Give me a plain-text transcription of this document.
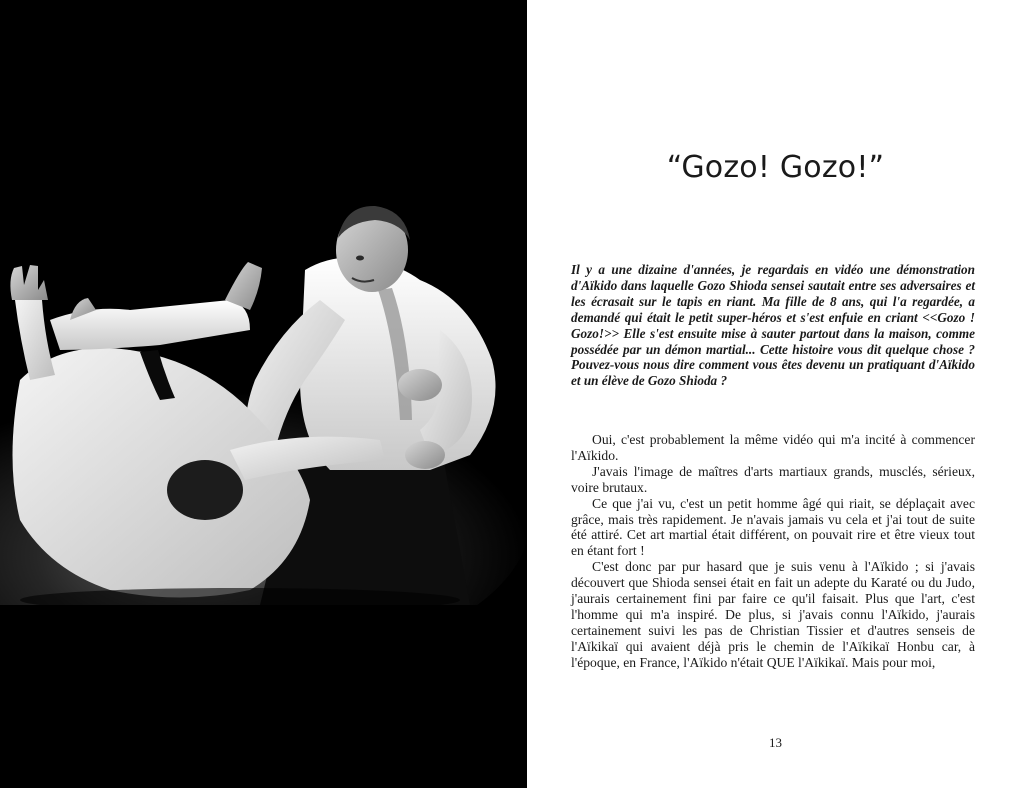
“Gozo! Gozo!”

Il y a une dizaine d'années, je regardais en vidéo une démonstration d'Aïkido dans laquelle Gozo Shioda sensei sautait entre ses adversaires et les écrasait sur le tapis en riant. Ma fille de 8 ans, qui l'a regardée, a demandé qui était le petit super-héros et s'est enfuie en criant <<Gozo ! Gozo!>> Elle s'est ensuite mise à sauter partout dans la maison, comme possédée par un démon martial... Cette histoire vous dit quelque chose ? Pouvez-vous nous dire comment vous êtes devenu un pratiquant d'Aïkido et un élève de Gozo Shioda ?

Oui, c'est probablement la même vidéo qui m'a incité à commencer l'Aïkido.

J'avais l'image de maîtres d'arts martiaux grands, musclés, sérieux, voire brutaux.

Ce que j'ai vu, c'est un petit homme âgé qui riait, se déplaçait avec grâce, mais très rapidement. Je n'avais jamais vu cela et j'ai tout de suite été attiré. Cet art martial était différent, on pouvait rire et être vieux tout en étant fort !

C'est donc par pur hasard que je suis venu à l'Aïkido ; si j'avais découvert que Shioda sensei était en fait un adepte du Karaté ou du Judo, j'aurais certainement fini par faire ce qu'il faisait. Plus que l'art, c'est l'homme qui m'a inspiré. De plus, si j'avais connu l'Aïkido, j'aurais certainement suivi les pas de Christian Tissier et d'autres senseis de l'Aïkikaï qui avaient déjà pris le chemin de l'Aïkikaï Honbu car, à l'époque, en France, l'Aïkido n'était QUE l'Aïkikaï. Mais pour moi,

13
